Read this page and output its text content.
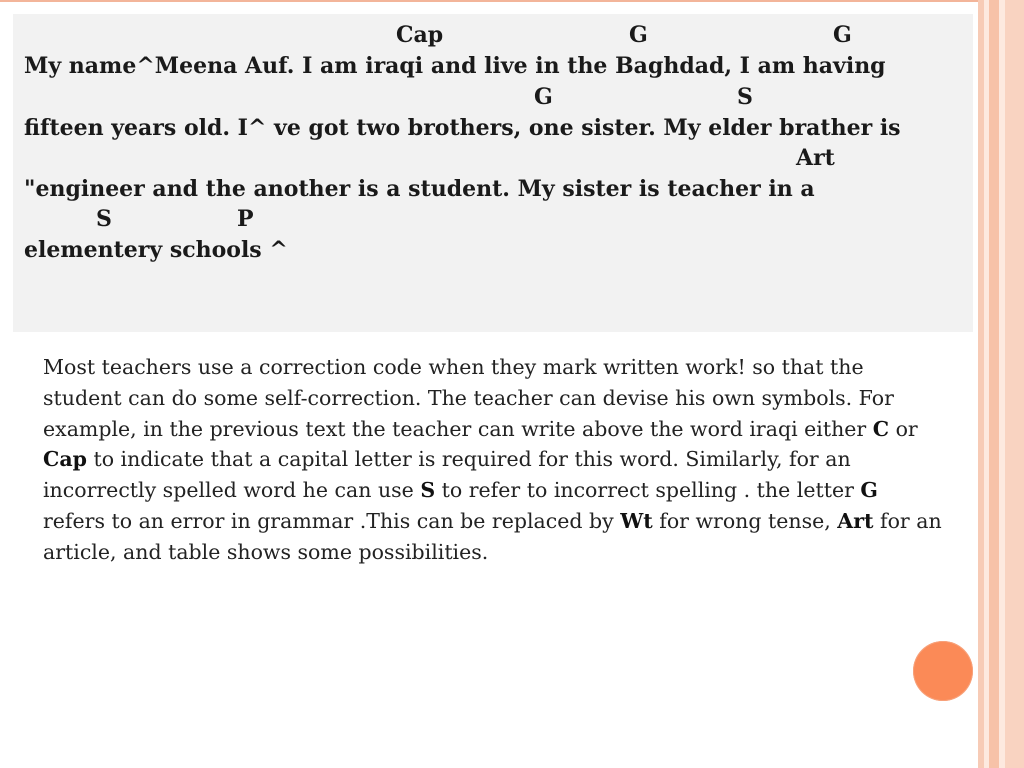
Cap	G	G
My name^Meena Auf. I am iraqi and live in the Baghdad, I am having
G	S
fifteen years old. I^ ve got two brothers, one sister. My elder brather is
Art
"engineer and the another is a student. My sister is teacher in a
S	P
elementery schools ^
Most teachers use a correction code when they mark written work! so that the student can do some self-correction. The teacher can devise his own symbols. For example, in the previous text the teacher can write above the word iraqi either C or Cap to indicate that a capital letter is required for this word. Similarly, for an incorrectly spelled word he can use S to refer to incorrect spelling . the letter G refers to an error in grammar .This can be replaced by Wt for wrong tense, Art for an article, and table shows some possibilities.
